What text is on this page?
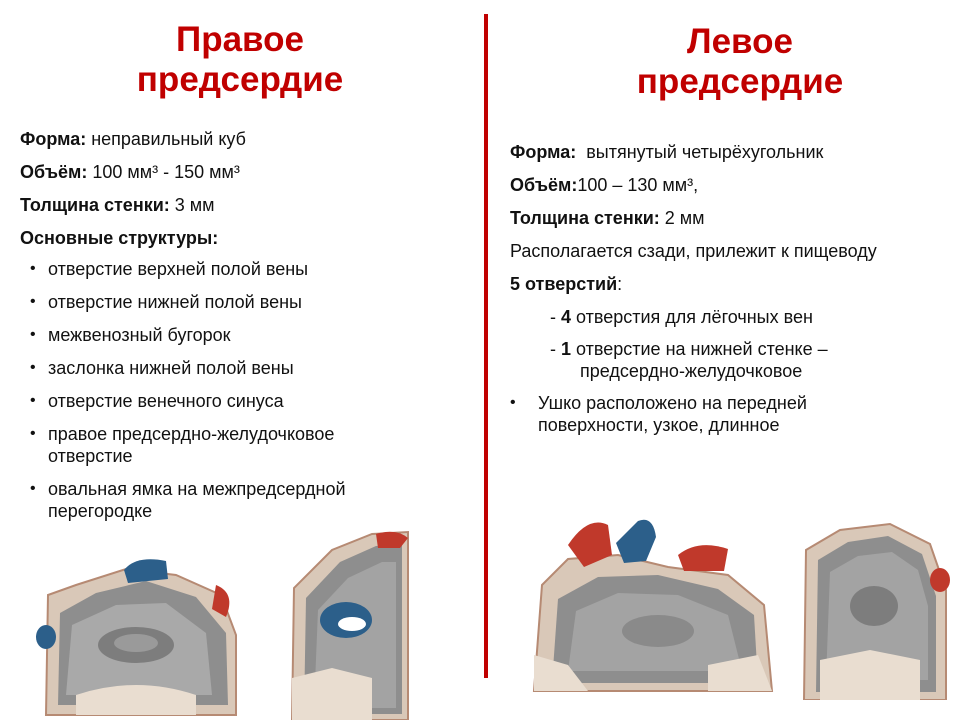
Правое
предсердие
Левое
предсердие
Форма: неправильный куб
Объём: 100 мм³ - 150 мм³
Толщина стенки: 3 мм
Основные структуры:
• отверстие верхней полой вены
• отверстие нижней полой вены
• межвенозный бугорок
• заслонка нижней полой вены
• отверстие венечного синуса
• правое предсердно-желудочковое отверстие
• овальная ямка на межпредсердной перегородке
Форма:  вытянутый четырёхугольник
Объём:100 – 130 мм³,
Толщина стенки: 2 мм
Располагается сзади, прилежит к пищеводу
5 отверстий:
- 4 отверстия для лёгочных вен
- 1 отверстие на нижней стенке –
предсердно-желудочковое
• Ушко расположено на передней поверхности, узкое, длинное
